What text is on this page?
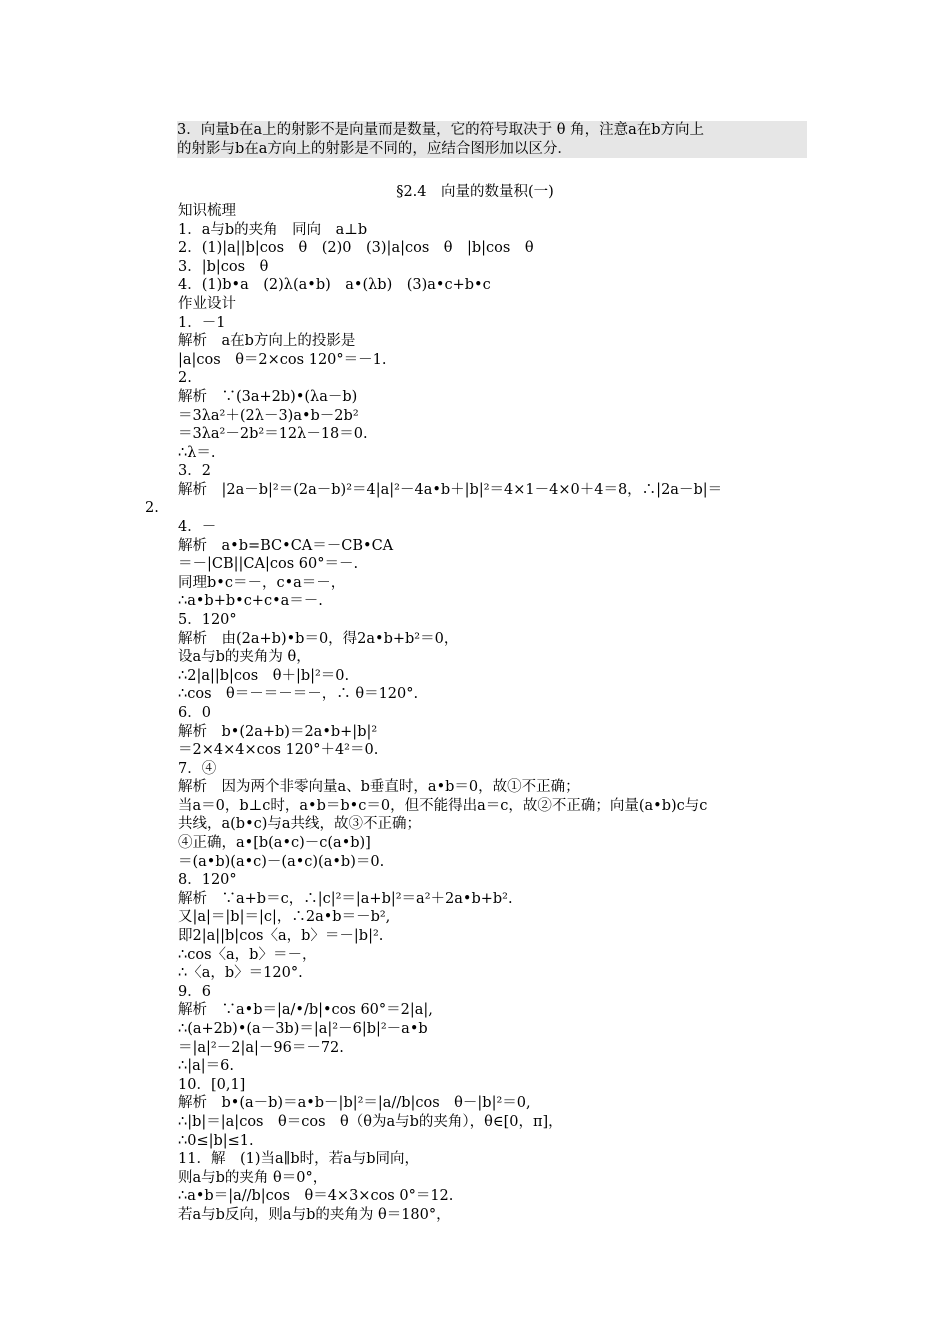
3．向量b在a上的射影不是向量而是数量，它的符号取决于 θ 角，注意a在b方向上

的射影与b在a方向上的射影是不同的，应结合图形加以区分．

§2.4　向量的数量积(一)

知识梳理

1．a与b的夹角　同向　a⊥b

2．(1)|a||b|cos　θ　(2)0　(3)|a|cos　θ　|b|cos　θ

3．|b|cos　θ

4．(1)b•a　(2)λ(a•b)　a•(λb)　(3)a•c+b•c

作业设计

1．－1

解析　a在b方向上的投影是

|a|cos　θ＝2×cos 120°＝－1.

2.

解析　∵(3a+2b)•(λa－b)

＝3λa²＋(2λ－3)a•b－2b²

＝3λa²－2b²＝12λ－18＝0.

∴λ＝.

3．2

解析　|2a－b|²＝(2a－b)²＝4|a|²－4a•b＋|b|²＝4×1－4×0＋4＝8，∴|2a－b|＝

2.

4．－

解析　a•b=BC•CA＝－CB•CA

＝－|CB||CA|cos 60°＝－.

同理b•c＝－，c•a＝－，

∴a•b+b•c+c•a＝－.

5．120°

解析　由(2a+b)•b＝0，得2a•b+b²＝0，

设a与b的夹角为 θ，

∴2|a||b|cos　θ＋|b|²＝0.

∴cos　θ＝－＝－＝－，∴ θ＝120°.

6．0

解析　b•(2a+b)＝2a•b+|b|²

＝2×4×4×cos 120°＋4²＝0.

7．④

解析　因为两个非零向量a、b垂直时，a•b＝0，故①不正确；

当a＝0，b⊥c时，a•b＝b•c＝0，但不能得出a＝c，故②不正确；向量(a•b)c与c

共线，a(b•c)与a共线，故③不正确；

④正确，a•[b(a•c)－c(a•b)]

＝(a•b)(a•c)－(a•c)(a•b)＝0.

8．120°

解析　∵a+b＝c，∴|c|²＝|a+b|²＝a²＋2a•b+b².

又|a|＝|b|＝|c|，∴2a•b＝－b²,

即2|a||b|cos〈a，b〉＝－|b|².

∴cos〈a，b〉＝－，

∴〈a，b〉＝120°.

9．6

解析　∵a•b＝|a/•/b|•cos 60°＝2|a|,

∴(a+2b)•(a－3b)＝|a|²－6|b|²－a•b

＝|a|²－2|a|－96＝－72.

∴|a|＝6.

10．[0,1]

解析　b•(a－b)＝a•b－|b|²＝|a//b|cos　θ－|b|²＝0,

∴|b|＝|a|cos　θ＝cos　θ（θ为a与b的夹角），θ∈[0，π]，

∴0≤|b|≤1.

11．解　(1)当a∥b时，若a与b同向，

则a与b的夹角 θ＝0°，

∴a•b＝|a//b|cos　θ＝4×3×cos 0°＝12.

若a与b反向，则a与b的夹角为 θ＝180°，
